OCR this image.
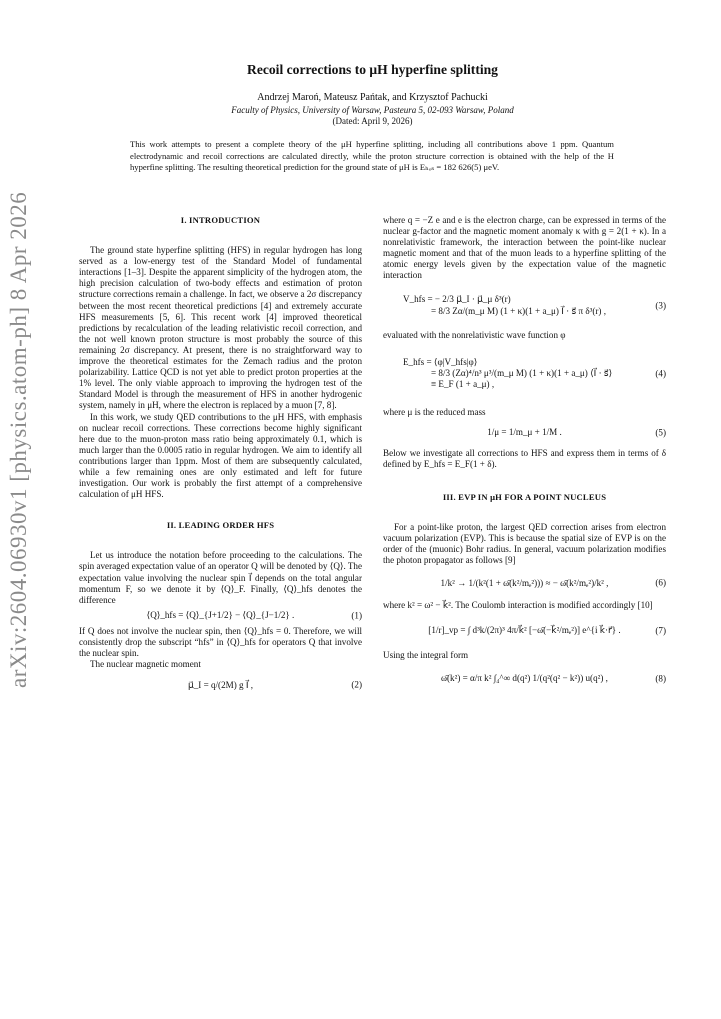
arXiv:2604.06930v1 [physics.atom-ph] 8 Apr 2026
Recoil corrections to μH hyperfine splitting
Andrzej Maroń, Mateusz Pańtak, and Krzysztof Pachucki
Faculty of Physics, University of Warsaw, Pasteura 5, 02-093 Warsaw, Poland
(Dated: April 9, 2026)
This work attempts to present a complete theory of the μH hyperfine splitting, including all contributions above 1 ppm. Quantum electrodynamic and recoil corrections are calculated directly, while the proton structure correction is obtained with the help of the H hyperfine splitting. The resulting theoretical prediction for the ground state of μH is Eₕₒₛ = 182 626(5) μeV.
I. INTRODUCTION

The ground state hyperfine splitting (HFS) in regular hydrogen has long served as a low-energy test of the Standard Model of fundamental interactions [1–3]. Despite the apparent simplicity of the hydrogen atom, the high precision calculation of two-body effects and estimation of proton structure corrections remain a challenge. In fact, we observe a 2σ discrepancy between the most recent theoretical predictions [4] and extremely accurate HFS measurements [5, 6]. This recent work [4] improved theoretical predictions by recalculation of the leading relativistic recoil correction, and the not well known proton structure is most probably the source of this remaining 2σ discrepancy. At present, there is no straightforward way to improve the theoretical estimates for the Zemach radius and the proton polarizability. Lattice QCD is not yet able to predict proton properties at the 1% level. The only viable approach to improving the hydrogen test of the Standard Model is through the measurement of HFS in another hydrogenic system, namely in μH, where the electron is replaced by a muon [7, 8].

In this work, we study QED contributions to the μH HFS, with emphasis on nuclear recoil corrections. These corrections become highly significant here due to the muon-proton mass ratio being approximately 0.1, which is much larger than the 0.0005 ratio in regular hydrogen. We aim to identify all contributions larger than 1ppm. Most of them are subsequently calculated, while a few remaining ones are only estimated and left for future investigation. Our work is probably the first attempt of a comprehensive calculation of μH HFS.

II. LEADING ORDER HFS

Let us introduce the notation before proceeding to the calculations. The spin averaged expectation value of an operator Q will be denoted by ⟨Q⟩. The expectation value involving the nuclear spin I⃗ depends on the total angular momentum F, so we denote it by ⟨Q⟩_F. Finally, ⟨Q⟩_hfs denotes the difference

⟨Q⟩_hfs = ⟨Q⟩_{J+1/2} − ⟨Q⟩_{J−1/2} .	(1)

If Q does not involve the nuclear spin, then ⟨Q⟩_hfs = 0. Therefore, we will consistently drop the subscript “hfs” in ⟨Q⟩_hfs for operators Q that involve the nuclear spin.

The nuclear magnetic moment

μ⃗_I = q/(2M) g I⃗ ,	(2)

where q = −Z e and e is the electron charge, can be expressed in terms of the nuclear g-factor and the magnetic moment anomaly κ with g = 2(1 + κ). In a nonrelativistic framework, the interaction between the point-like nuclear magnetic moment and that of the muon leads to a hyperfine splitting of the atomic energy levels given by the expectation value of the magnetic interaction

V_hfs = − 2/3 μ⃗_I · μ⃗_μ δ³(r)
= 8/3 Zα/(m_μ M) (1 + κ)(1 + a_μ) I⃗ · s⃗ π δ³(r) ,
(3)

evaluated with the nonrelativistic wave function φ

E_hfs = ⟨φ|V_hfs|φ⟩
= 8/3 (Zα)⁴/n³ μ³/(m_μ M) (1 + κ)(1 + a_μ) ⟨I⃗ · s⃗⟩
≡ E_F (1 + a_μ) ,
(4)

where μ is the reduced mass

1/μ = 1/m_μ + 1/M .	(5)

Below we investigate all corrections to HFS and express them in terms of δ defined by E_hfs = E_F(1 + δ).

III. EVP IN μH FOR A POINT NUCLEUS

For a point-like proton, the largest QED correction arises from electron vacuum polarization (EVP). This is because the spatial size of EVP is on the order of the (muonic) Bohr radius. In general, vacuum polarization modifies the photon propagator as follows [9]

1/k² → 1/(k²(1 + ω̄(k²/mₑ²))) ≈ − ω̄(k²/mₑ²)/k² ,	(6)

where k² = ω² − k⃗². The Coulomb interaction is modified accordingly [10]

[1/r]_vp = ∫ d³k/(2π)³ 4π/k⃗² [−ω̄(−k⃗²/mₑ²)] e^{i k⃗·r⃗} .	(7)

Using the integral form

ω̄(k²) = α/π k² ∫₄^∞ d(q²) 1/(q²(q² − k²)) u(q²) ,	(8)
